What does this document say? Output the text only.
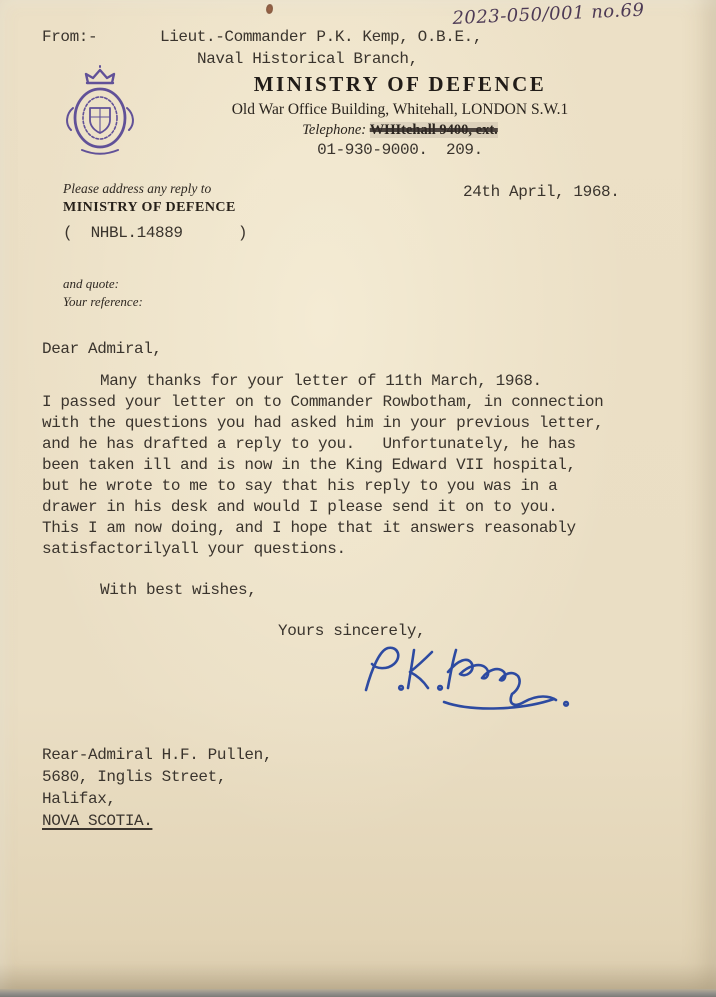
2023-050/001 no.69
From:-	Lieut.-Commander P.K. Kemp, O.B.E.,
Naval Historical Branch,
MINISTRY OF DEFENCE
Old War Office Building, Whitehall, LONDON S.W.1
Telephone: WHItehall 9400, ext.
01-930-9000.  209.
Please address any reply to
MINISTRY OF DEFENCE
(  NHBL.14889      )
24th April, 1968.
and quote:
Your reference:
Dear Admiral,
Many thanks for your letter of 11th March, 1968.
I passed your letter on to Commander Rowbotham, in connection
with the questions you had asked him in your previous letter,
and he has drafted a reply to you.   Unfortunately, he has
been taken ill and is now in the King Edward VII hospital,
but he wrote to me to say that his reply to you was in a
drawer in his desk and would I please send it on to you.
This I am now doing, and I hope that it answers reasonably
satisfactorilyall your questions.
With best wishes,
Yours sincerely,
Rear-Admiral H.F. Pullen,
5680, Inglis Street,
Halifax,
NOVA SCOTIA.
